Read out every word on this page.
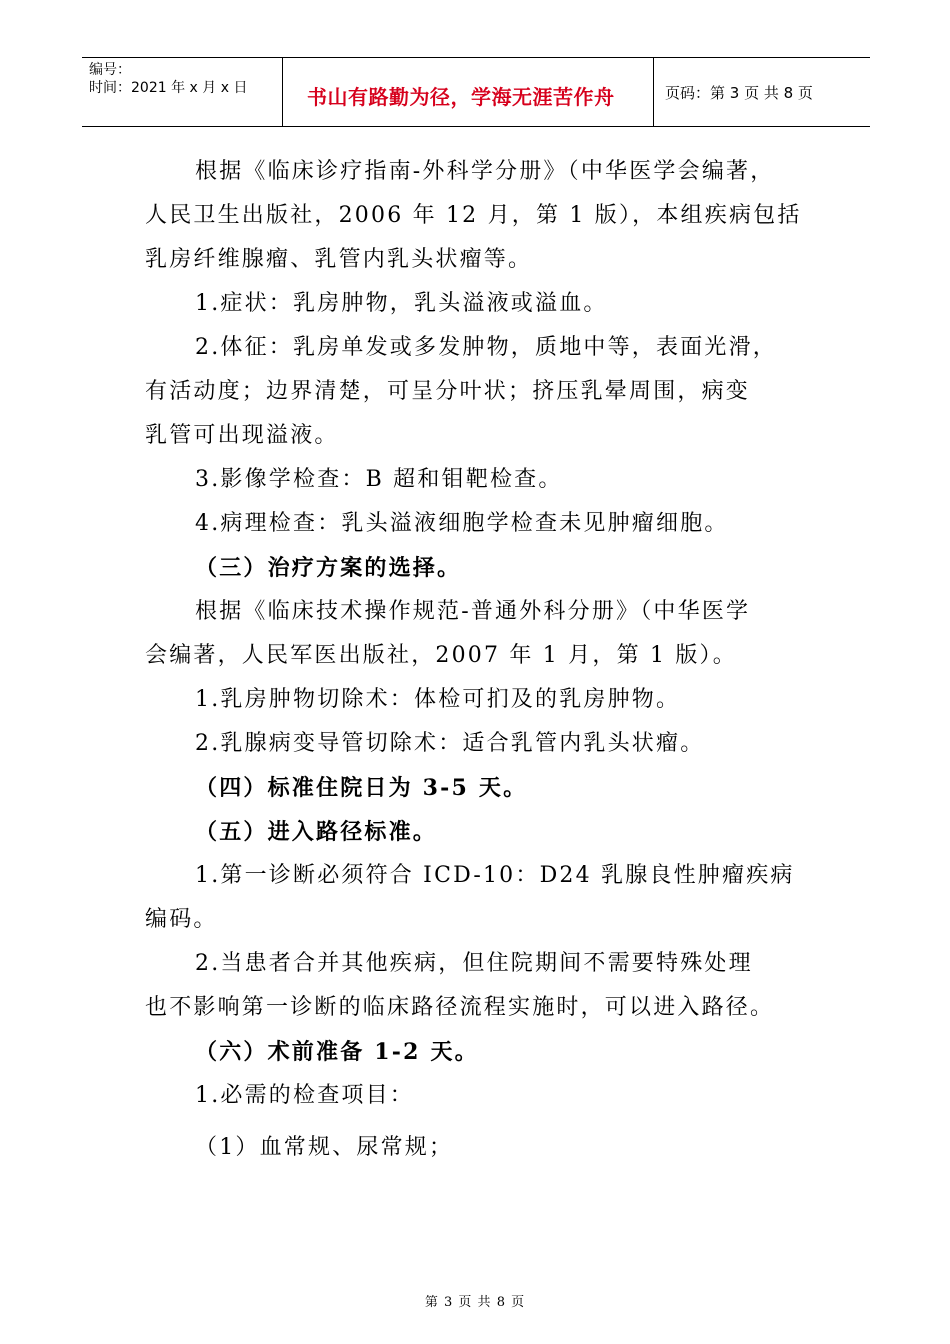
编号：
时间：2021 年 x 月 x 日	书山有路勤为径，学海无涯苦作舟	页码：第 3 页 共 8 页

根据《临床诊疗指南-外科学分册》（中华医学会编著，

人民卫生出版社，2006 年 12 月，第 1 版），本组疾病包括

乳房纤维腺瘤、乳管内乳头状瘤等。

1.症状：乳房肿物，乳头溢液或溢血。

2.体征：乳房单发或多发肿物，质地中等，表面光滑，

有活动度；边界清楚，可呈分叶状；挤压乳晕周围，病变

乳管可出现溢液。

3.影像学检查：B 超和钼靶检查。

4.病理检查：乳头溢液细胞学检查未见肿瘤细胞。

（三）治疗方案的选择。

根据《临床技术操作规范-普通外科分册》（中华医学

会编著，人民军医出版社，2007 年 1 月，第 1 版）。

1.乳房肿物切除术：体检可扪及的乳房肿物。

2.乳腺病变导管切除术：适合乳管内乳头状瘤。

（四）标准住院日为 3-5 天。

（五）进入路径标准。

1.第一诊断必须符合 ICD-10：D24 乳腺良性肿瘤疾病

编码。

2.当患者合并其他疾病，但住院期间不需要特殊处理

也不影响第一诊断的临床路径流程实施时，可以进入路径。

（六）术前准备 1-2 天。

1.必需的检查项目：

（1）血常规、尿常规；

第 3 页 共 8 页
